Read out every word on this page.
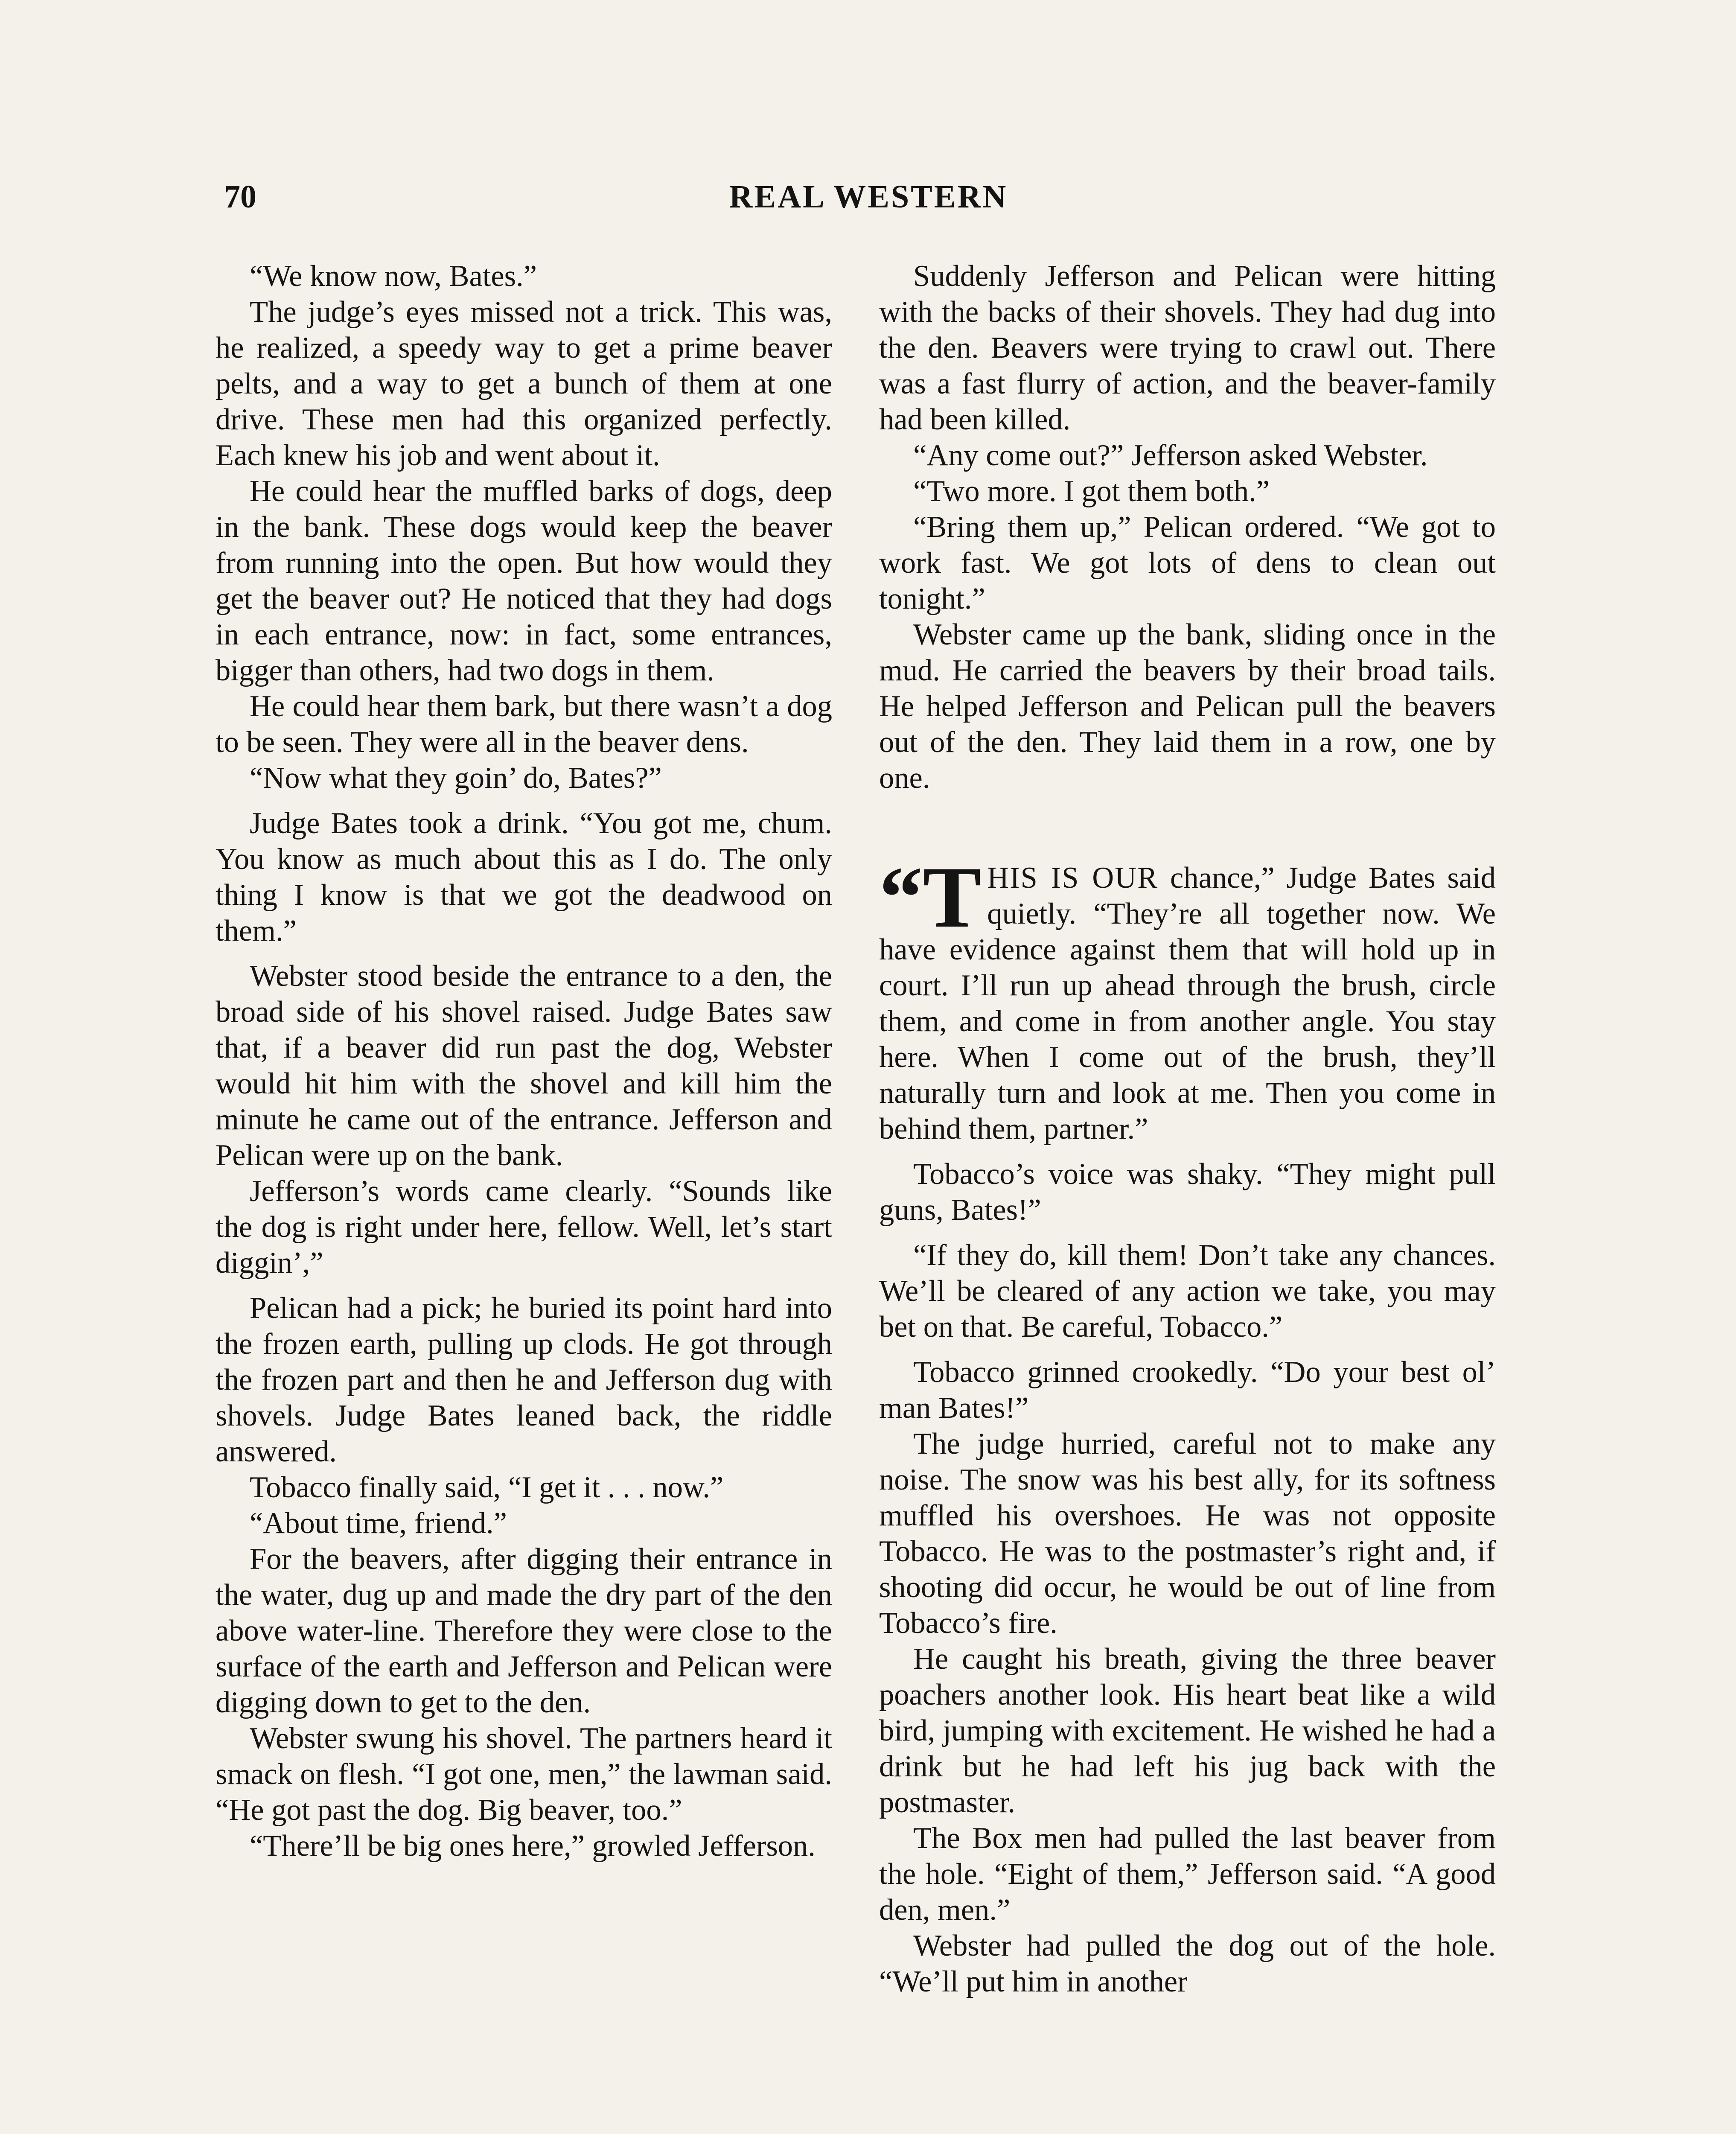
70	REAL WESTERN

“We know now, Bates.”

The judge’s eyes missed not a trick. This was, he realized, a speedy way to get a prime beaver pelts, and a way to get a bunch of them at one drive. These men had this organized perfectly. Each knew his job and went about it.

He could hear the muffled barks of dogs, deep in the bank. These dogs would keep the beaver from running into the open. But how would they get the beaver out? He noticed that they had dogs in each entrance, now: in fact, some entrances, bigger than others, had two dogs in them.

He could hear them bark, but there wasn’t a dog to be seen. They were all in the beaver dens.

“Now what they goin’ do, Bates?”

Judge Bates took a drink. “You got me, chum. You know as much about this as I do. The only thing I know is that we got the deadwood on them.”

Webster stood beside the entrance to a den, the broad side of his shovel raised. Judge Bates saw that, if a beaver did run past the dog, Webster would hit him with the shovel and kill him the minute he came out of the entrance. Jefferson and Pelican were up on the bank.

Jefferson’s words came clearly. “Sounds like the dog is right under here, fellow. Well, let’s start diggin’,”

Pelican had a pick; he buried its point hard into the frozen earth, pulling up clods. He got through the frozen part and then he and Jefferson dug with shovels. Judge Bates leaned back, the riddle answered.

Tobacco finally said, “I get it . . . now.”

“About time, friend.”

For the beavers, after digging their entrance in the water, dug up and made the dry part of the den above water-line. Therefore they were close to the surface of the earth and Jefferson and Pelican were digging down to get to the den.

Webster swung his shovel. The partners heard it smack on flesh. “I got one, men,” the lawman said. “He got past the dog. Big beaver, too.”

“There’ll be big ones here,” growled Jefferson.

Suddenly Jefferson and Pelican were hitting with the backs of their shovels. They had dug into the den. Beavers were trying to crawl out. There was a fast flurry of action, and the beaver-family had been killed.

“Any come out?” Jefferson asked Webster.

“Two more. I got them both.”

“Bring them up,” Pelican ordered. “We got to work fast. We got lots of dens to clean out tonight.”

Webster came up the bank, sliding once in the mud. He carried the beavers by their broad tails. He helped Jefferson and Pelican pull the beavers out of the den. They laid them in a row, one by one.

“T HIS IS OUR chance,” Judge Bates said quietly. “They’re all together now. We have evidence against them that will hold up in court. I’ll run up ahead through the brush, circle them, and come in from another angle. You stay here. When I come out of the brush, they’ll naturally turn and look at me. Then you come in behind them, partner.”

Tobacco’s voice was shaky. “They might pull guns, Bates!”

“If they do, kill them! Don’t take any chances. We’ll be cleared of any action we take, you may bet on that. Be careful, Tobacco.”

Tobacco grinned crookedly. “Do your best ol’ man Bates!”

The judge hurried, careful not to make any noise. The snow was his best ally, for its softness muffled his overshoes. He was not opposite Tobacco. He was to the postmaster’s right and, if shooting did occur, he would be out of line from Tobacco’s fire.

He caught his breath, giving the three beaver poachers another look. His heart beat like a wild bird, jumping with excitement. He wished he had a drink but he had left his jug back with the postmaster.

The Box men had pulled the last beaver from the hole. “Eight of them,” Jefferson said. “A good den, men.”

Webster had pulled the dog out of the hole. “We’ll put him in another
